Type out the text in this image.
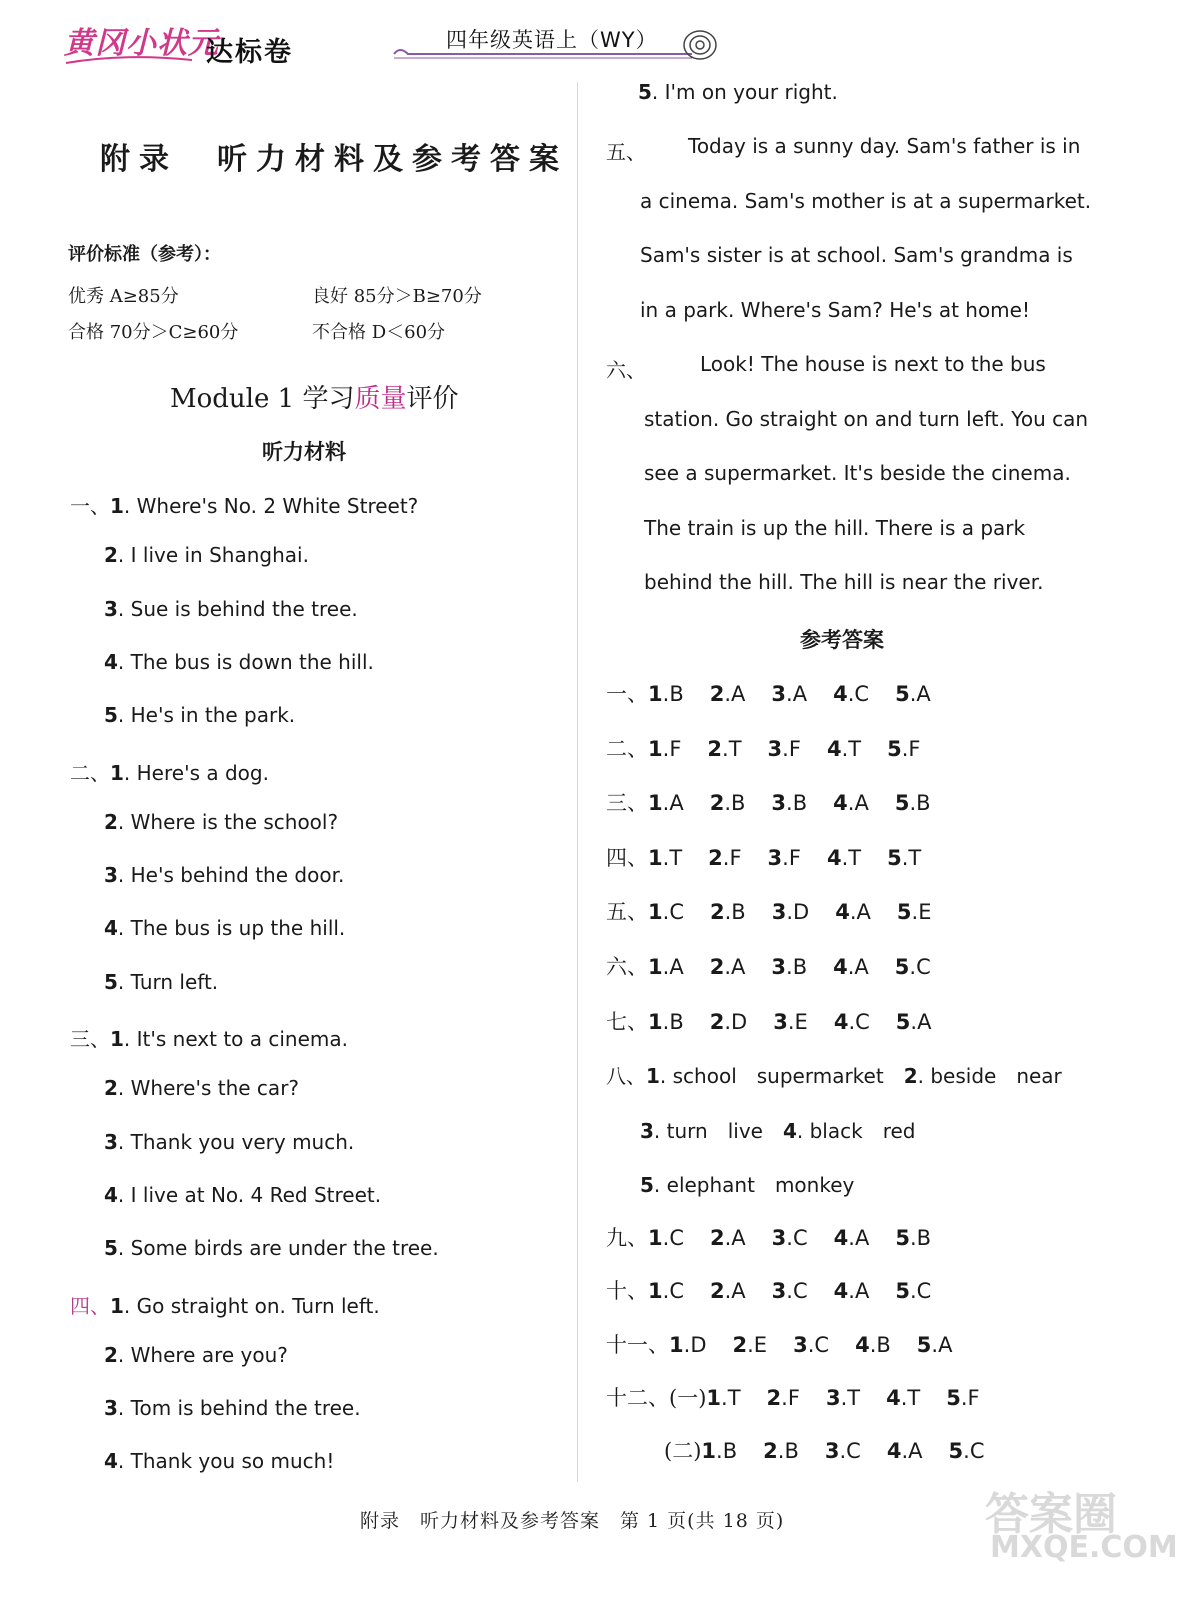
黄冈小状元
达标卷	四年级英语上（WY）
附录　听力材料及参考答案
评价标准（参考）：
优秀 A≥85分	良好 85分＞B≥70分
合格 70分＞C≥60分	不合格 D＜60分
Module 1 学习质量评价
听力材料
一、1. Where's No. 2 White Street?
2. I live in Shanghai.
3. Sue is behind the tree.
4. The bus is down the hill.
5. He's in the park.
二、1. Here's a dog.
2. Where is the school?
3. He's behind the door.
4. The bus is up the hill.
5. Turn left.
三、1. It's next to a cinema.
2. Where's the car?
3. Thank you very much.
4. I live at No. 4 Red Street.
5. Some birds are under the tree.
四、1. Go straight on. Turn left.
2. Where are you?
3. Tom is behind the tree.
4. Thank you so much!
5. I'm on your right.
五、 Today is a sunny day. Sam's father is in
a cinema. Sam's mother is at a supermarket.
Sam's sister is at school. Sam's grandma is
in a park. Where's Sam? He's at home!
六、	Look! The house is next to the bus
station. Go straight on and turn left. You can
see a supermarket. It's beside the cinema.
The train is up the hill. There is a park
behind the hill. The hill is near the river.
参考答案
一、1.B 2.A 3.A 4.C 5.A
二、1.F 2.T 3.F 4.T 5.F
三、1.A 2.B 3.B 4.A 5.B
四、1.T 2.F 3.F 4.T 5.T
五、1.C 2.B 3.D 4.A 5.E
六、1.A 2.A 3.B 4.A 5.C
七、1.B 2.D 3.E 4.C 5.A
八、1. school　supermarket 2. beside　near
3. turn　live 4. black　red
5. elephant　monkey
九、1.C 2.A 3.C 4.A 5.B
十、1.C 2.A 3.C 4.A 5.C
十一、1.D 2.E 3.C 4.B 5.A
十二、(一)1.T 2.F 3.T 4.T 5.F
(二)1.B 2.B 3.C 4.A 5.C
附录　听力材料及参考答案　第 1 页(共 18 页)	答案圈
MXQE.COM
